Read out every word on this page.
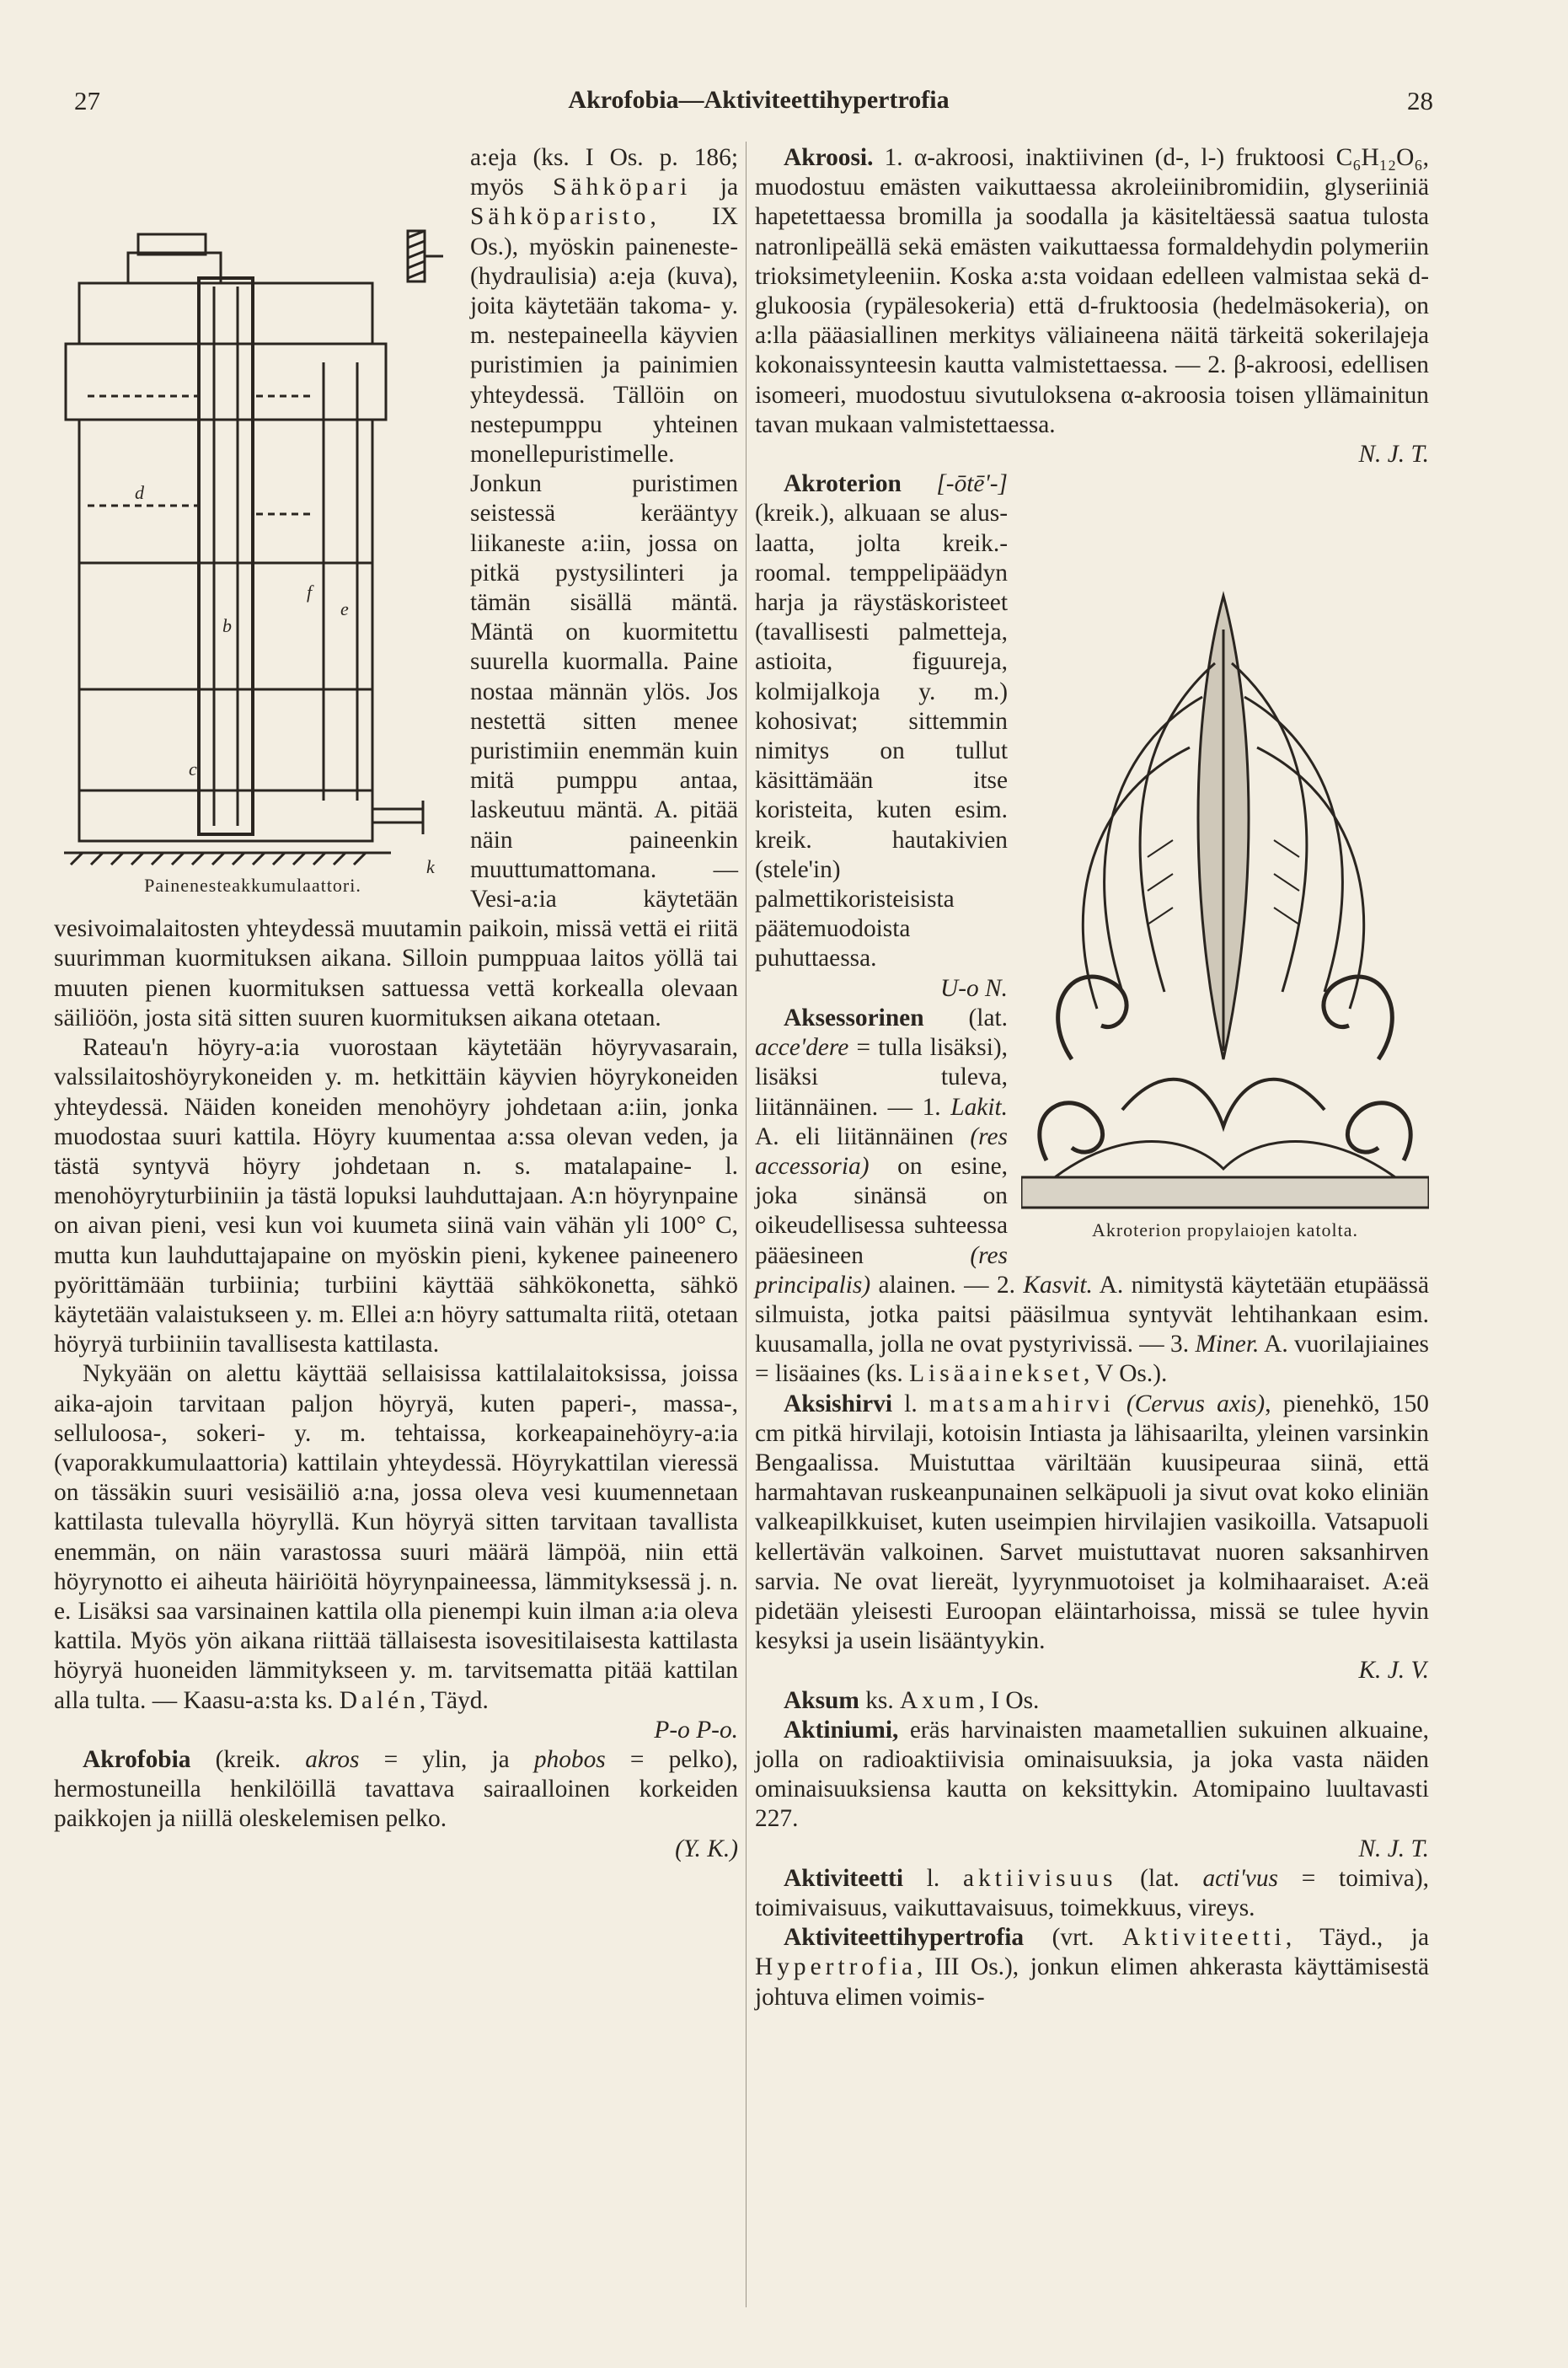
27	Akrofobia—Aktiviteettihypertrofia	28
d
b
e
f
c
k
Painenesteakkumulaattori.

a:eja (ks. I Os. p. 186; myös Sähköpari ja Sähköparisto, IX Os.), myöskin paineneste- (hydraulisia) a:eja (kuva), joita käytetään takoma- y. m. nestepaineella käyvien puristimien ja painimien yhteydessä. Tällöin on nestepumppu yhteinen monellepuristimelle. Jonkun puristimen seistessä kerääntyy liikaneste a:iin, jossa on pitkä pystysilinteri ja tämän sisällä mäntä. Mäntä on kuormitettu suurella kuormalla. Paine nostaa männän ylös. Jos nestettä sitten menee puristimiin enemmän kuin mitä pumppu antaa, laskeutuu mäntä. A. pitää näin paineenkin muuttumattomana. — Vesi-a:ia käytetään vesivoimalaitosten yhteydessä muutamin paikoin, missä vettä ei riitä suurimman kuormituksen aikana. Silloin pumppuaa laitos yöllä tai muuten pienen kuormituksen sattuessa vettä korkealla olevaan säiliöön, josta sitä sitten suuren kuormituksen aikana otetaan.

Rateau'n höyry-a:ia vuorostaan käytetään höyryvasarain, valssilaitoshöyrykoneiden y. m. hetkittäin käyvien höyrykoneiden yhteydessä. Näiden koneiden menohöyry johdetaan a:iin, jonka muodostaa suuri kattila. Höyry kuumentaa a:ssa olevan veden, ja tästä syntyvä höyry johdetaan n. s. matalapaine- l. menohöyryturbiiniin ja tästä lopuksi lauhduttajaan. A:n höyrynpaine on aivan pieni, vesi kun voi kuumeta siinä vain vähän yli 100° C, mutta kun lauhduttajapaine on myöskin pieni, kykenee paineenero pyörittämään turbiinia; turbiini käyttää sähkökonetta, sähkö käytetään valaistukseen y. m. Ellei a:n höyry sattumalta riitä, otetaan höyryä turbiiniin tavallisesta kattilasta.

Nykyään on alettu käyttää sellaisissa kattilalaitoksissa, joissa aika-ajoin tarvitaan paljon höyryä, kuten paperi-, massa-, selluloosa-, sokeri- y. m. tehtaissa, korkeapainehöyry-a:ia (vaporakkumulaattoria) kattilain yhteydessä. Höyrykattilan vieressä on tässäkin suuri vesisäiliö a:na, jossa oleva vesi kuumennetaan kattilasta tulevalla höyryllä. Kun höyryä sitten tarvitaan tavallista enemmän, on näin varastossa suuri määrä lämpöä, niin että höyrynotto ei aiheuta häiriöitä höyrynpaineessa, lämmityksessä j. n. e. Lisäksi saa varsinainen kattila olla pienempi kuin ilman a:ia oleva kattila. Myös yön aikana riittää tällaisesta isovesitilaisesta kattilasta höyryä huoneiden lämmitykseen y. m. tarvitsematta pitää kattilan alla tulta. — Kaasu-a:sta ks. Dalén, Täyd.

P-o P-o.

Akrofobia (kreik. akros = ylin, ja phobos = pelko), hermostuneilla henkilöillä tavattava sairaalloinen korkeiden paikkojen ja niillä oleskelemisen pelko.

(Y. K.)

Akroosi. 1. α-akroosi, inaktiivinen (d-, l-) fruktoosi C₆H₁₂O₆, muodostuu emästen vaikuttaessa akroleiinibromidiin, glyseriiniä hapetettaessa bromilla ja soodalla ja käsiteltäessä saatua tulosta natronlipeällä sekä emästen vaikuttaessa formaldehydin polymeriin trioksimetyleeniin. Koska a:sta voidaan edelleen valmistaa sekä d-glukoosia (rypälesokeria) että d-fruktoosia (hedelmäsokeria), on a:lla pääasiallinen merkitys väliaineena näitä tärkeitä sokerilajeja kokonaissynteesin kautta valmistettaessa. — 2. β-akroosi, edellisen isomeeri, muodostuu sivutuloksena α-akroosia toisen yllämainitun tavan mukaan valmistettaessa.

N. J. T.

Akroterion propylaiojen katolta.

Akroterion [-ōtē'-] (kreik.), alkuaan se alus-laatta, jolta kreik.-roomal. temppelipäädyn harja ja räystäskoristeet (tavallisesti palmetteja, astioita, figuureja, kolmijalkoja y. m.) kohosivat; sittemmin nimitys on tullut käsittämään itse koristeita, kuten esim. kreik. hautakivien (stele'in) palmettikoristeisista päätemuodoista puhuttaessa.

U-o N.

Aksessorinen (lat. acce'dere = tulla lisäksi), lisäksi tuleva, liitännäinen. — 1. Lakit. A. eli liitännäinen (res accessoria) on esine, joka sinänsä on oikeudellisessa suhteessa pääesineen (res principalis) alainen. — 2. Kasvit. A. nimitystä käytetään etupäässä silmuista, jotka paitsi pääsilmua syntyvät lehtihankaan esim. kuusamalla, jolla ne ovat pystyrivissä. — 3. Miner. A. vuorilajiaines = lisäaines (ks. Lisäainekset, V Os.).

Aksishirvi l. matsamahirvi (Cervus axis), pienehkö, 150 cm pitkä hirvilaji, kotoisin Intiasta ja lähisaarilta, yleinen varsinkin Bengaalissa. Muistuttaa väriltään kuusipeuraa siinä, että harmahtavan ruskeanpunainen selkäpuoli ja sivut ovat koko eliniän valkeapilkkuiset, kuten useimpien hirvilajien vasikoilla. Vatsapuoli kellertävän valkoinen. Sarvet muistuttavat nuoren saksanhirven sarvia. Ne ovat liereät, lyyrynmuotoiset ja kolmihaaraiset. A:eä pidetään yleisesti Euroopan eläintarhoissa, missä se tulee hyvin kesyksi ja usein lisääntyykin.

K. J. V.

Aksum ks. Axum, I Os.

Aktiniumi, eräs harvinaisten maametallien sukuinen alkuaine, jolla on radioaktiivisia ominaisuuksia, ja joka vasta näiden ominaisuuksiensa kautta on keksittykin. Atomipaino luultavasti 227.

N. J. T.

Aktiviteetti l. aktiivisuus (lat. acti'vus = toimiva), toimivaisuus, vaikuttavaisuus, toimekkuus, vireys.

Aktiviteettihypertrofia (vrt. Aktiviteetti, Täyd., ja Hypertrofia, III Os.), jonkun elimen ahkerasta käyttämisestä johtuva elimen voimis-
